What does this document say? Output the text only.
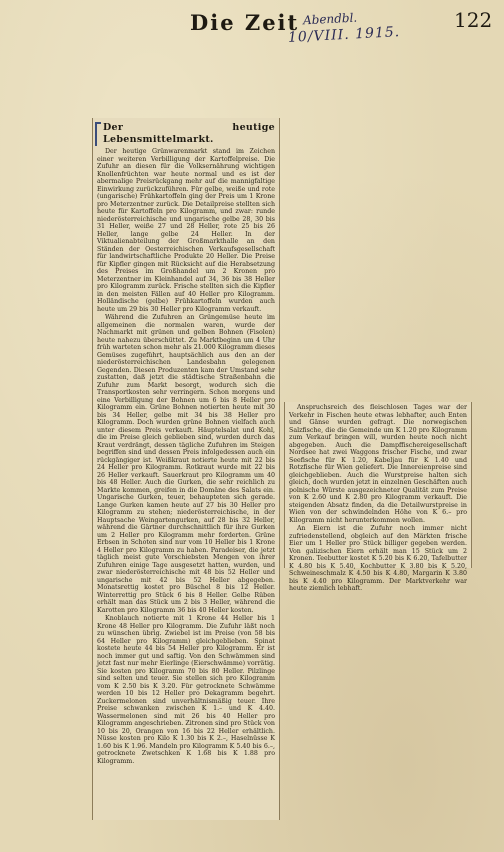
Die Zeit Abendbl.
10/VIII. 1915.
122
Der heutige Lebensmittelmarkt.

Der heutige Grünwarenmarkt stand im Zeichen einer weiteren Verbilligung der Kartoffelpreise. Die Zufuhr an diesen für die Volksernährung wichtigen Knollenfrüchten war heute normal und es ist der abermalige Preisrückgang mehr auf die mannigfaltige Einwirkung zurückzuführen. Für gelbe, weiße und rote (ungarische) Frühkartoffeln ging der Preis um 1 Krone pro Meterzentner zurück. Die Detailpreise stellten sich heute für Kartoffeln pro Kilogramm, und zwar: runde niederösterreichische und ungarische gelbe 28, 30 bis 31 Heller, weiße 27 und 28 Heller, rote 25 bis 26 Heller, lange gelbe 24 Heller. In der Viktualienabteilung der Großmarkthalle an den Ständen der Oesterreichischen Verkaufsgesellschaft für landwirtschaftliche Produkte 20 Heller. Die Preise für Kipfler gingen mit Rücksicht auf die Herabsetzung des Preises im Großhandel um 2 Kronen pro Meterzentner im Kleinhandel auf 34, 36 bis 38 Heller pro Kilogramm zurück. Frische stellten sich die Kipfler in den meisten Fällen auf 40 Heller pro Kilogramm. Holländische (gelbe) Frühkartoffeln wurden auch heute um 29 bis 30 Heller pro Kilogramm verkauft.

Während die Zufuhren an Grüngemüse heute im allgemeinen die normalen waren, wurde der Nachmarkt mit grünen und gelben Bohnen (Fisolen) heute nahezu überschüttet. Zu Marktbeginn um 4 Uhr früh warteten schon mehr als 21.000 Kilogramm dieses Gemüses zugeführt, hauptsächlich aus den an der niederösterreichischen Landesbahn gelegenen Gegenden. Diesen Produzenten kam der Umstand sehr zustatten, daß jetzt die städtische Straßenbahn die Zufuhr zum Markt besorgt, wodurch sich die Transportkosten sehr verringern. Schon morgens und eine Verbilligung der Bohnen um 6 bis 8 Heller pro Kilogramm ein. Grüne Bohnen notierten heute mit 30 bis 34 Heller, gelbe mit 34 bis 38 Heller pro Kilogramm. Doch wurden grüne Bohnen vielfach auch unter diesem Preis verkauft. Häuptelsalat und Kohl, die im Preise gleich geblieben sind, wurden durch das Kraut verdrängt, dessen tägliche Zufuhren im Steigen begriffen sind und dessen Preis infolgedessen auch ein rückgängiger ist. Weißkraut notierte heute mit 22 bis 24 Heller pro Kilogramm. Rotkraut wurde mit 22 bis 26 Heller verkauft. Sauerkraut pro Kilogramm um 40 bis 48 Heller. Auch die Gurken, die sehr reichlich zu Markte kommen, greifen in die Domäne des Salats ein. Ungarische Gurken, teuer, behaupteten sich gerade. Lange Gurken kamen heute auf 27 bis 30 Heller pro Kilogramm zu stehen; niederösterreichische, in der Hauptsache Weingartengurken, auf 28 bis 32 Heller, während die Gärtner durchschnittlich für ihre Gurken um 2 Heller pro Kilogramm mehr forderten. Grüne Erbsen in Schoten sind nur vom 10 Heller bis 1 Krone 4 Heller pro Kilogramm zu haben. Paradeiser, die jetzt täglich meist gute Vorschiebsten Mengen von ihrer Zufuhren einige Tage ausgesetzt hatten, wurden, und zwar niederösterreichische mit 48 bis 52 Heller und ungarische mit 42 bis 52 Heller abgegeben. Monatsrettig kostet pro Büschel 8 bis 12 Heller. Winterrettig pro Stück 6 bis 8 Heller. Gelbe Rüben erhält man das Stück um 2 bis 3 Heller, während die Karotten pro Kilogramm 36 bis 40 Heller kosten.

Knoblauch notierte mit 1 Krone 44 Heller bis 1 Krone 48 Heller pro Kilogramm. Die Zufuhr läßt noch zu wünschen übrig. Zwiebel ist im Preise (von 58 bis 64 Heller pro Kilogramm) gleichgeblieben. Spinat kostete heute 44 bis 54 Heller pro Kilogramm. Er ist noch immer gut und saftig. Von den Schwämmen sind jetzt fast nur mehr Eierlinge (Eierschwämme) vorrätig. Sie kosten pro Kilogramm 70 bis 80 Heller. Pilzlinge sind selten und teuer. Sie stellen sich pro Kilogramm vom K 2.50 bis K 3.20. Für getrocknete Schwämme werden 10 bis 12 Heller pro Dekagramm begehrt. Zuckermelonen sind unverhältnismäßig teuer. Ihre Preise schwanken zwischen K 1.– und K 4.40. Wassermelonen sind mit 26 bis 40 Heller pro Kilogramm angeschrieben. Zitronen sind pro Stück von 10 bis 20, Orangen von 16 bis 22 Heller erhältlich. Nüsse kosten pro Kilo K 1.30 bis K 2.–, Haselnüsse K 1.60 bis K 1.96. Mandeln pro Kilogramm K 5.40 bis 6.–, getrocknete Zwetschken K 1.68 bis K 1.88 pro Kilogramm.

Anspruchsreich des fleischlosen Tages war der Verkehr in Fischen heute etwas lebhafter, auch Enten und Gänse wurden gefragt. Die norwegischen Salzfische, die die Gemeinde um K 1.20 pro Kilogramm zum Verkauf bringen will, wurden heute noch nicht abgegeben. Auch die Dampffischereigesellschaft Nordsee hat zwei Waggons frischer Fische, und zwar Seefische für K 1.20, Kabeljau für K 1.40 und Rotzfische für Wien geliefert. Die Innereienpreise sind gleichgeblieben. Auch die Wurstpreise halten sich gleich, doch wurden jetzt in einzelnen Geschäften auch polnische Würste ausgezeichneter Qualität zum Preise von K 2.60 und K 2.80 pro Kilogramm verkauft. Die steigenden Absatz finden, da die Detailwurstpreise in Wien von der schwindelnden Höhe von K 6.– pro Kilogramm nicht herunterkommen wollen.

An Eiern ist die Zufuhr noch immer nicht zufriedenstellend, obgleich auf den Märkten frische Eier um 1 Heller pro Stück billiger gegeben werden. Von galizischen Eiern erhält man 15 Stück um 2 Kronen. Teebutter kostet K 5.20 bis K 6.20, Tafelbutter K 4.80 bis K 5.40, Kochbutter K 3.80 bis K 5.20, Schweineschmalz K 4.50 bis K 4.80, Margarin K 3.80 bis K 4.40 pro Kilogramm. Der Marktverkehr war heute ziemlich lebhaft.
